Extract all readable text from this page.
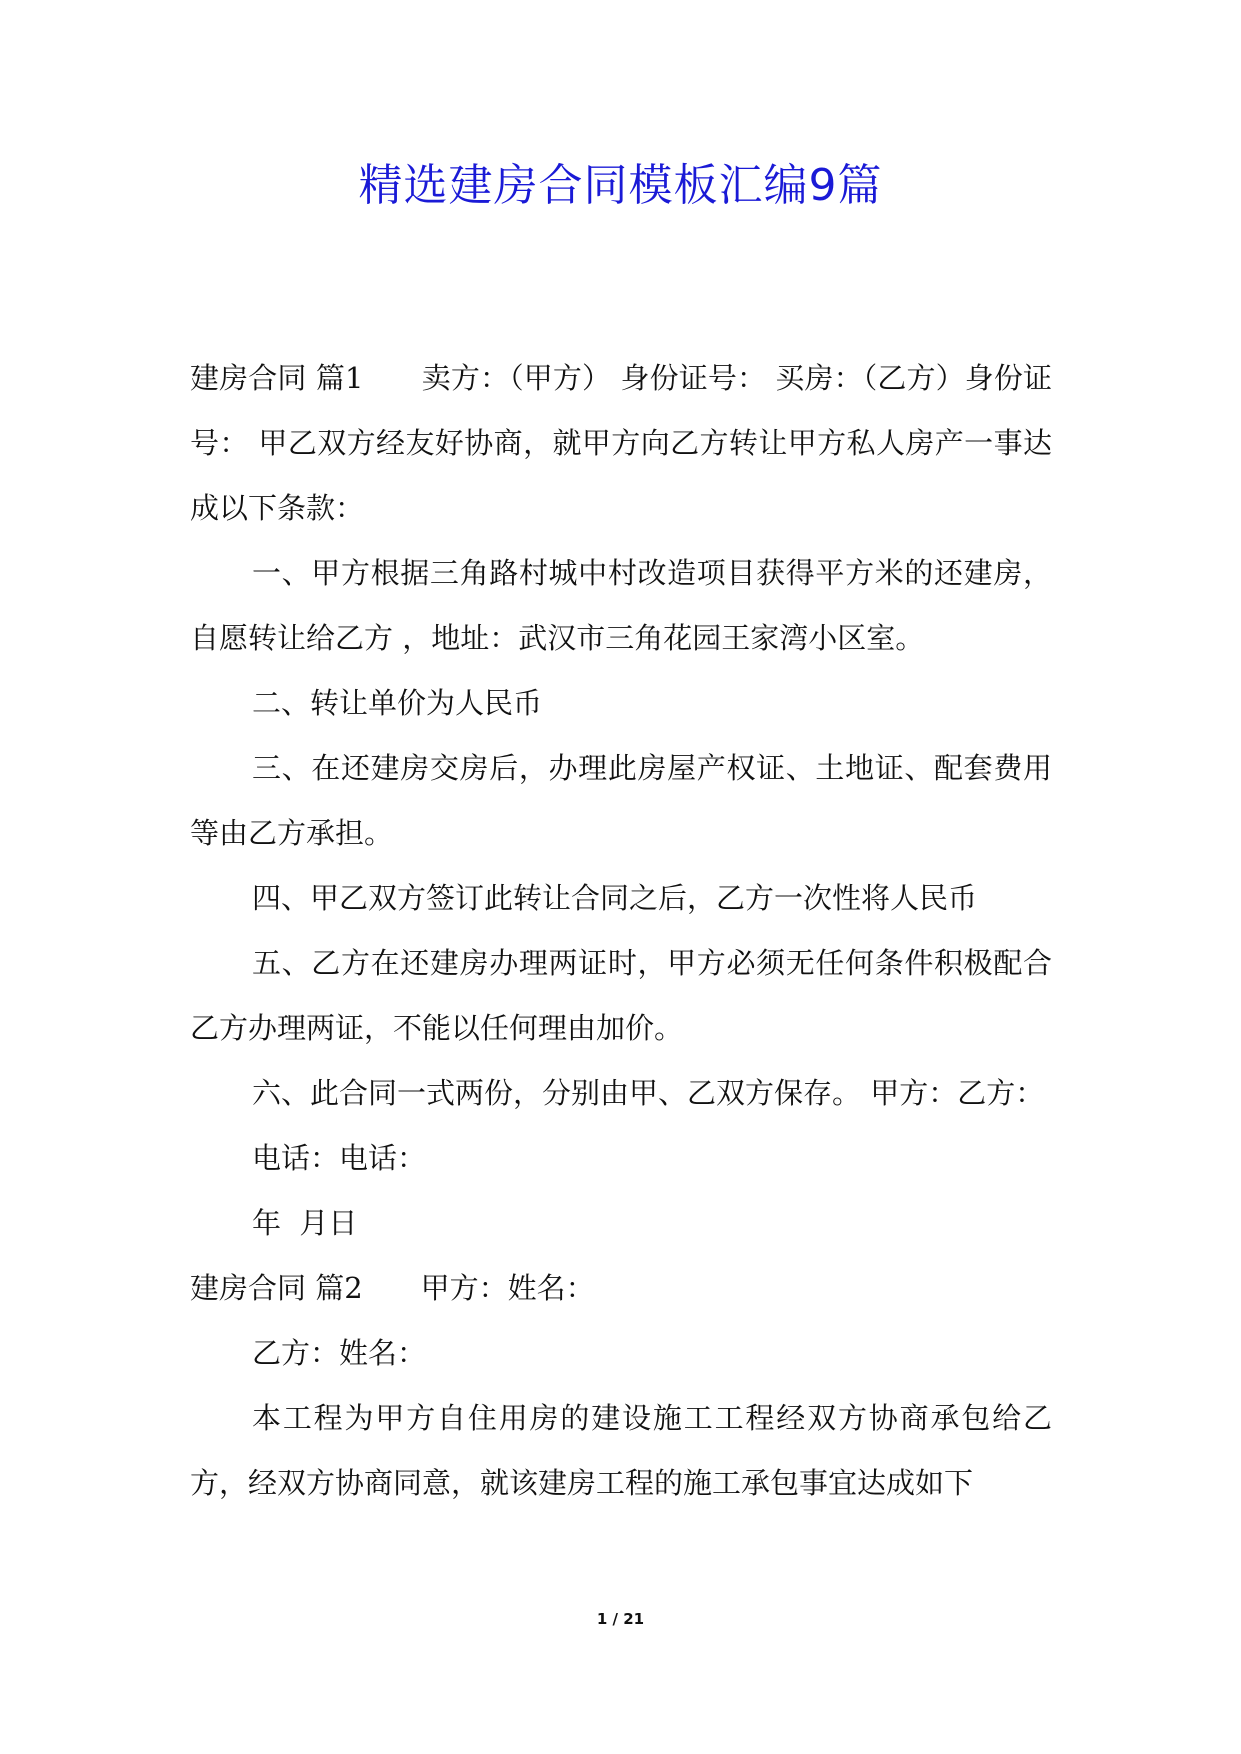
精选建房合同模板汇编9篇

建房合同 篇1　　卖方：（甲方） 身份证号： 买房：（乙方）身份证号： 甲乙双方经友好协商，就甲方向乙方转让甲方私人房产一事达成以下条款：

一、甲方根据三角路村城中村改造项目获得平方米的还建房，自愿转让给乙方 ，地址：武汉市三角花园王家湾小区室。

二、转让单价为人民币

三、在还建房交房后，办理此房屋产权证、土地证、配套费用等由乙方承担。

四、甲乙双方签订此转让合同之后，乙方一次性将人民币

五、乙方在还建房办理两证时，甲方必须无任何条件积极配合乙方办理两证，不能以任何理由加价。

六、此合同一式两份，分别由甲、乙双方保存。 甲方：乙方：

电话：电话：

年  月日

建房合同 篇2　　甲方：姓名：

乙方：姓名：

本工程为甲方自住用房的建设施工工程经双方协商承包给乙方，经双方协商同意，就该建房工程的施工承包事宜达成如下

1 / 21
